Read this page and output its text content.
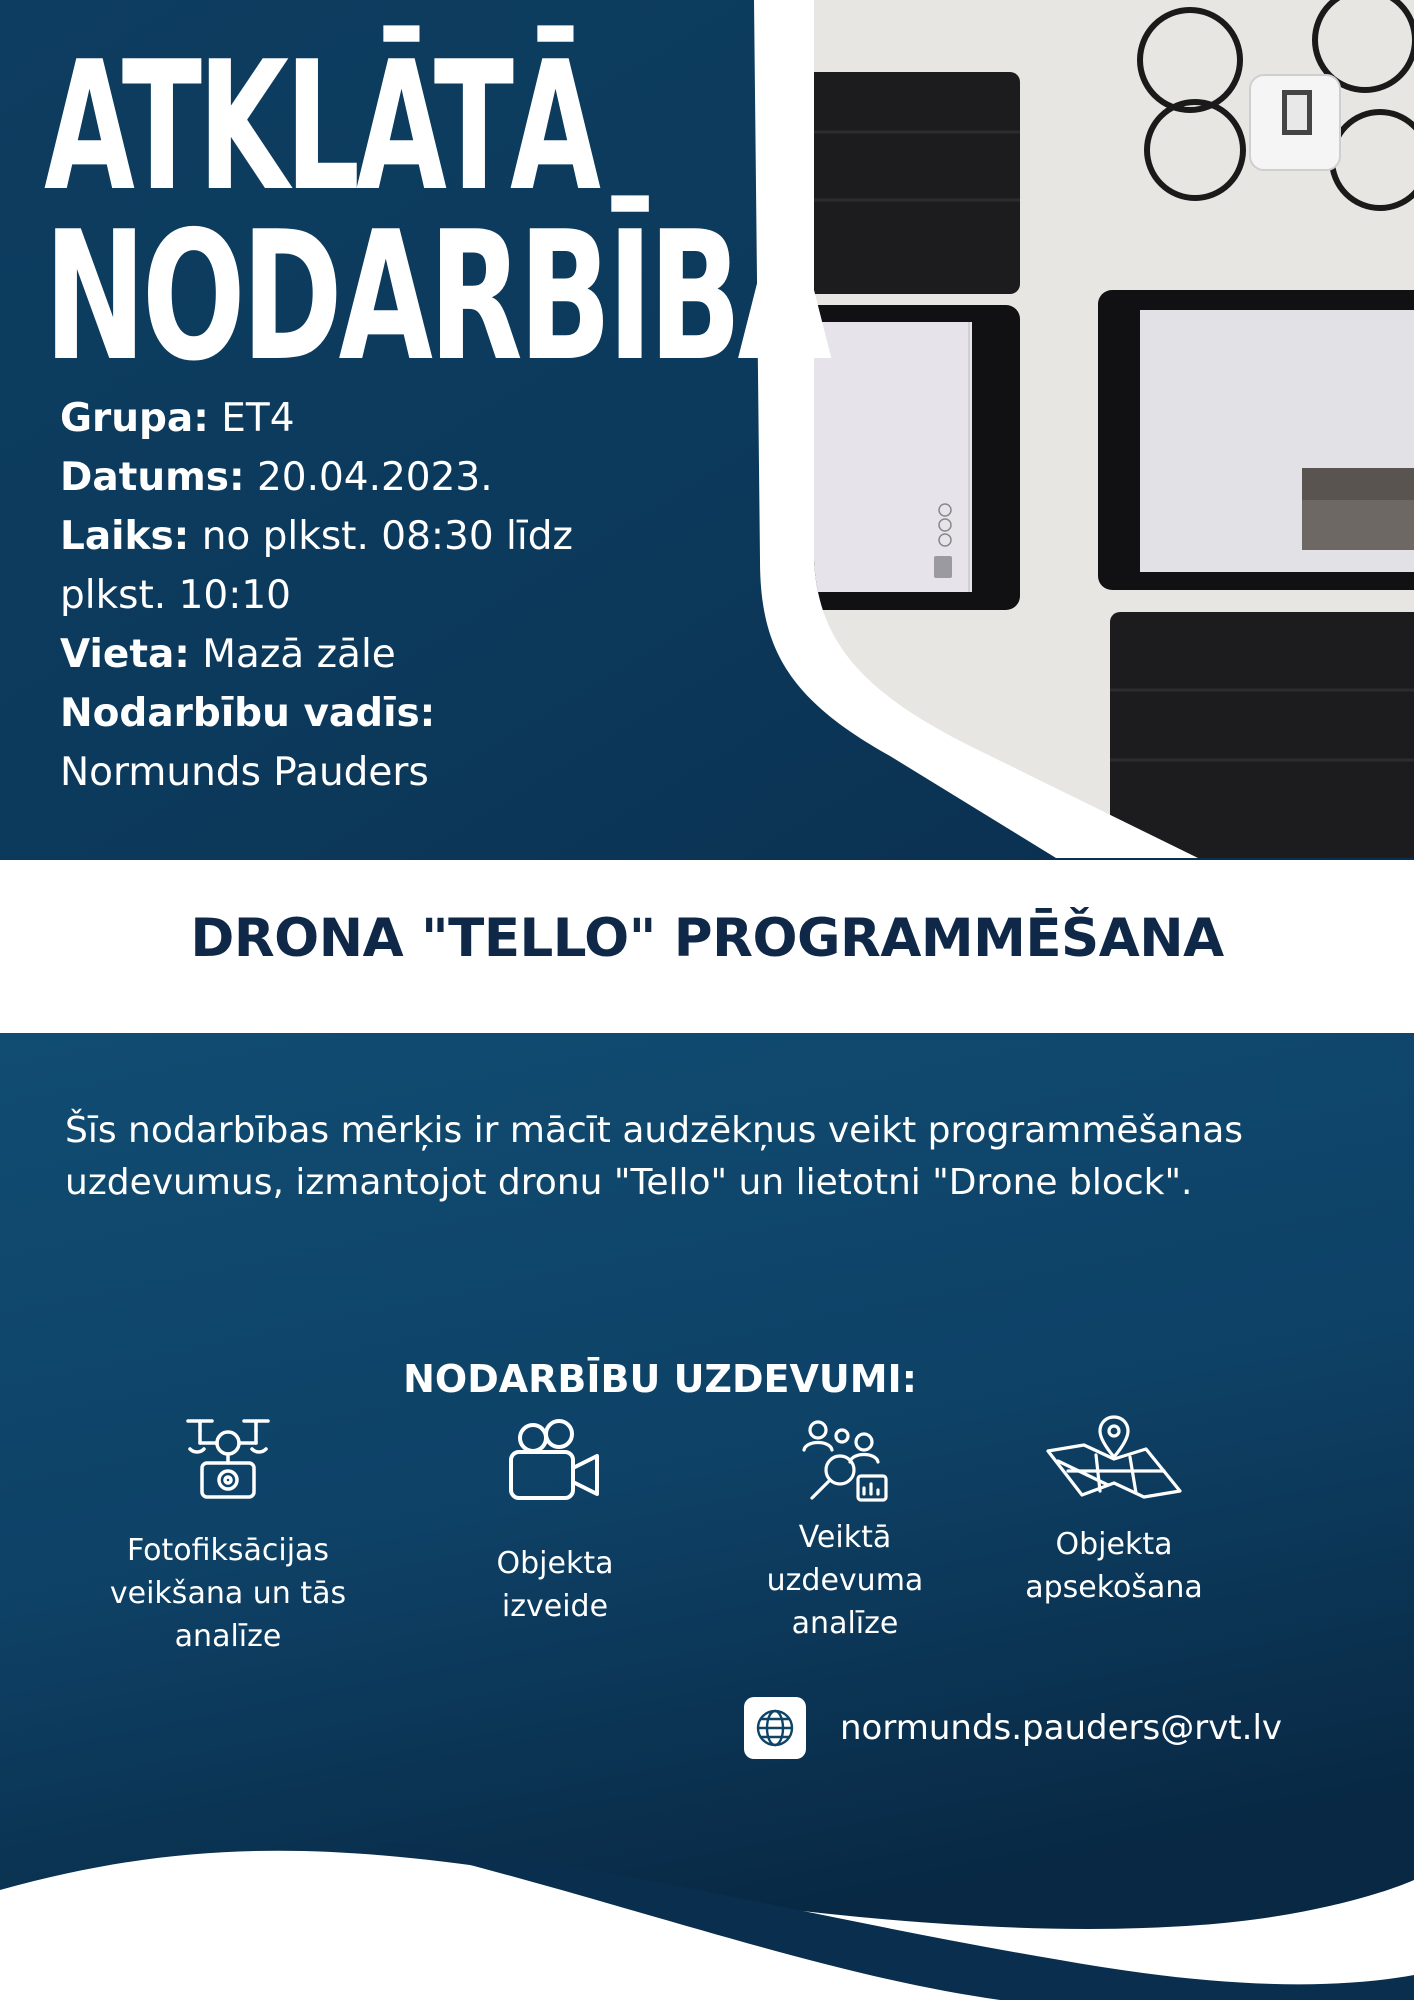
ATKLĀTĀ
NODARBĪBA

Grupa: ET4

Datums: 20.04.2023.

Laiks: no plkst. 08:30 līdz plkst. 10:10

Vieta: Mazā zāle

Nodarbību vadīs:

Normunds Pauders

DRONA "TELLO" PROGRAMMĒŠANA
Šīs nodarbības mērķis ir mācīt audzēkņus veikt programmēšanas uzdevumus, izmantojot dronu "Tello" un lietotni "Drone block".
NODARBĪBU UZDEVUMI:
Fotofiksācijas
veikšana un tās
analīze
Objekta
izveide
Veiktā
uzdevuma
analīze
Objekta
apsekošana
normunds.pauders@rvt.lv
